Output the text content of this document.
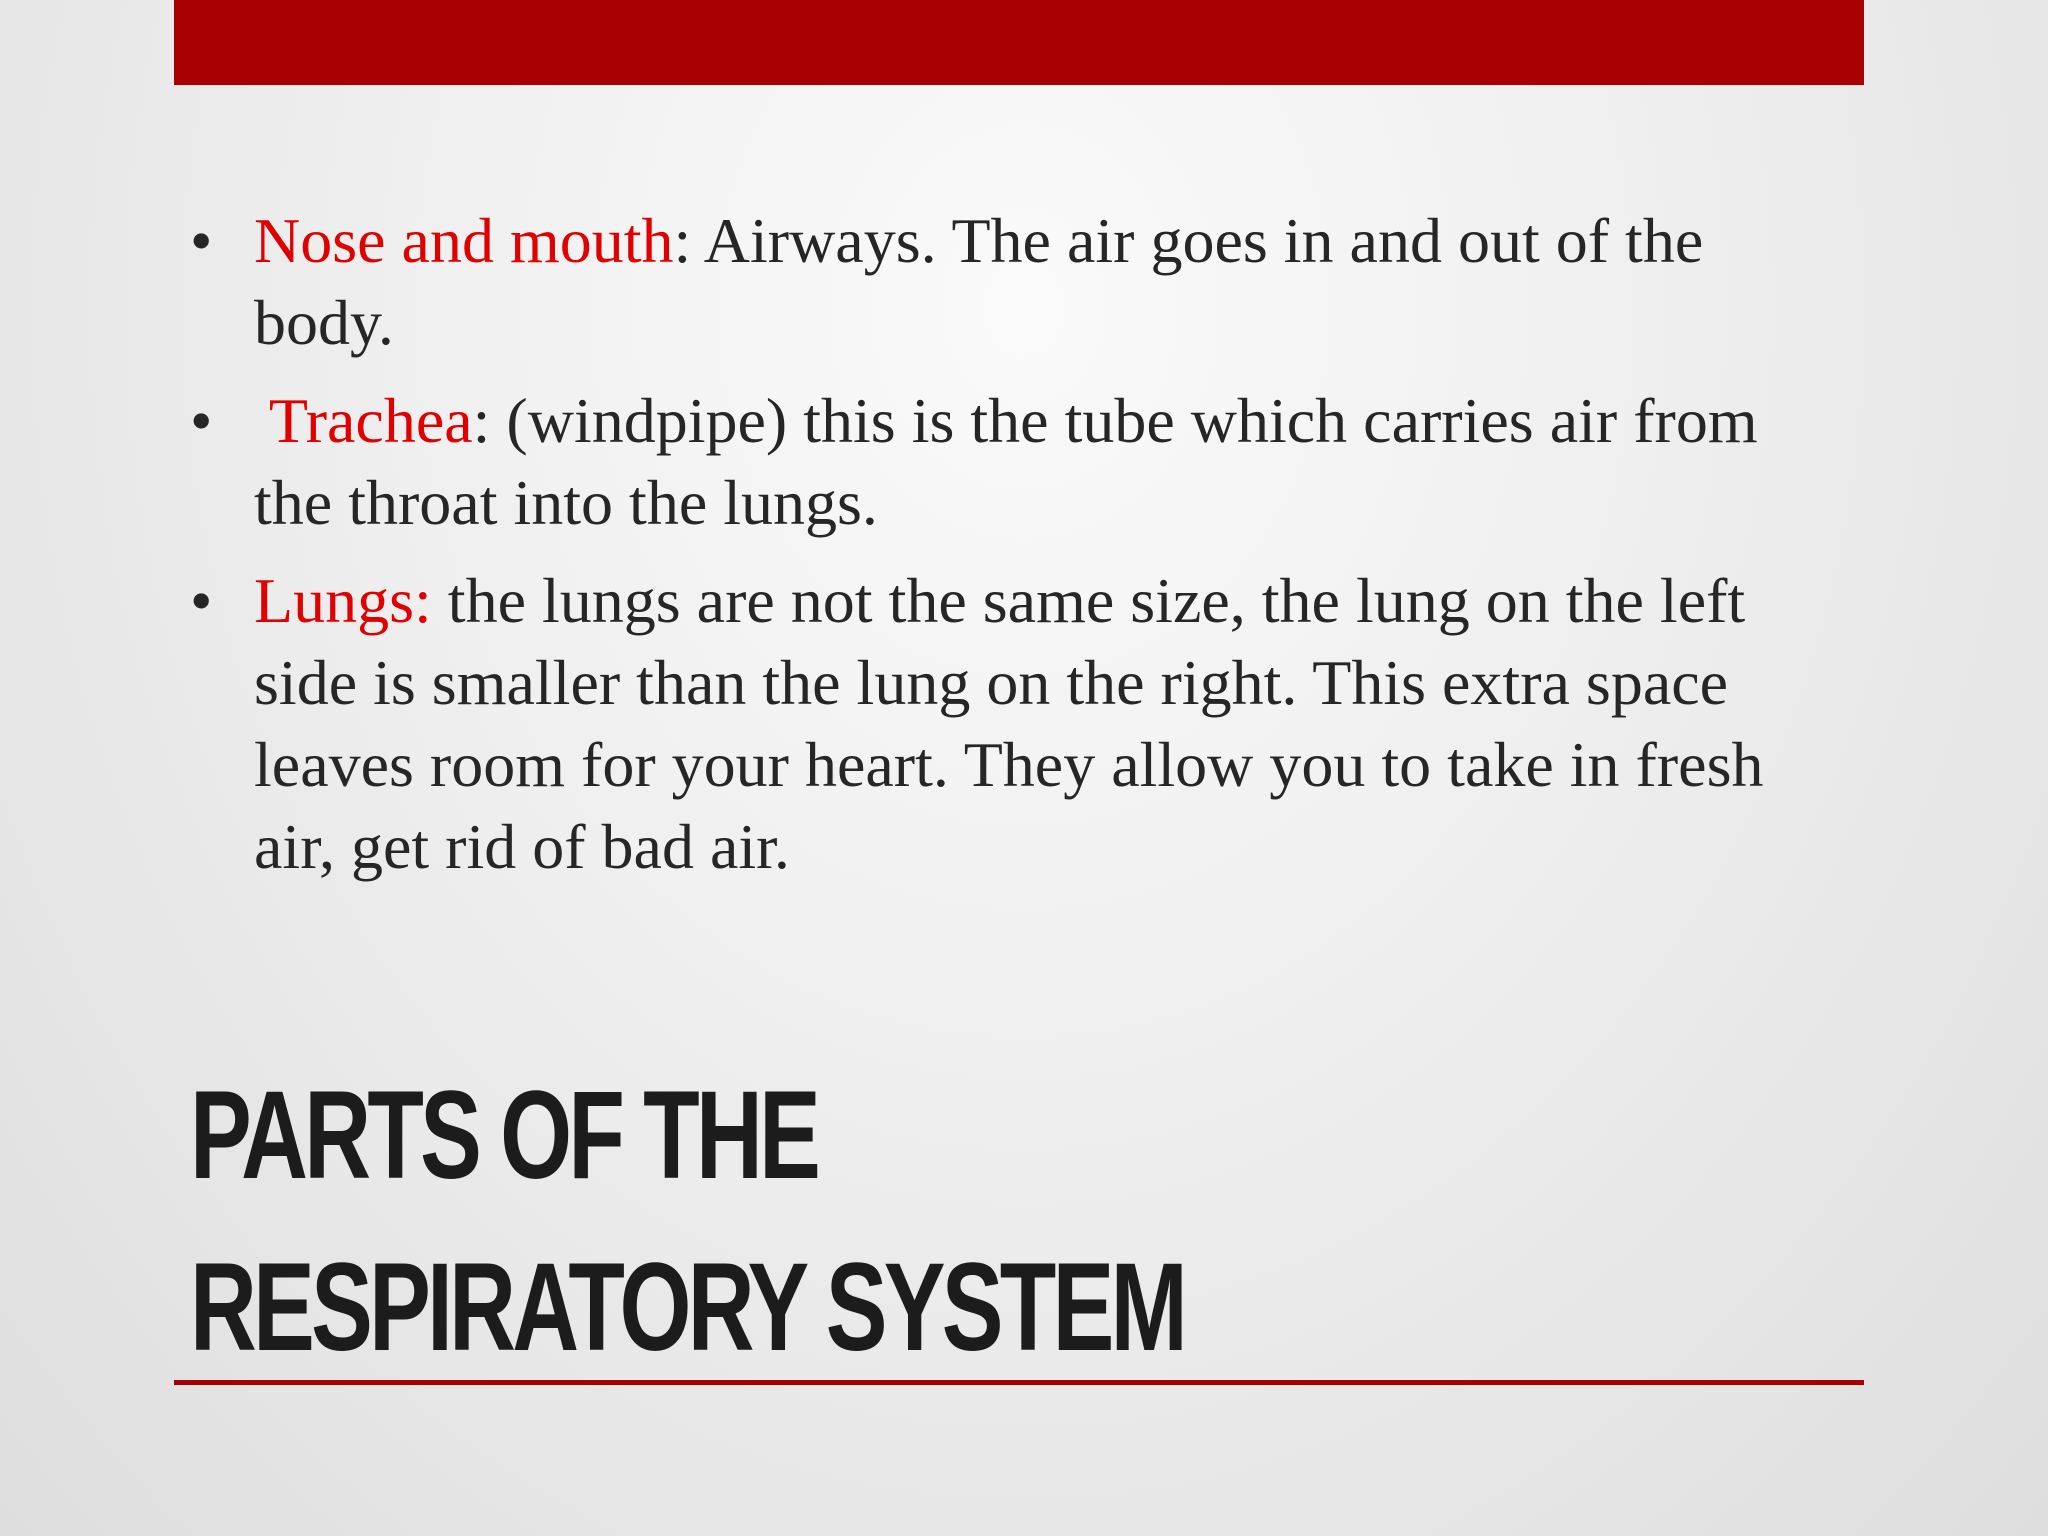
• Nose and mouth: Airways. The air goes in and out of the body.
• Trachea: (windpipe) this is the tube which carries air from the throat into the lungs.
• Lungs: the lungs are not the same size, the lung on the left side is smaller than the lung on the right. This extra space leaves room for your heart. They allow you to take in fresh air, get rid of bad air.
PARTS OF THE
RESPIRATORY SYSTEM
